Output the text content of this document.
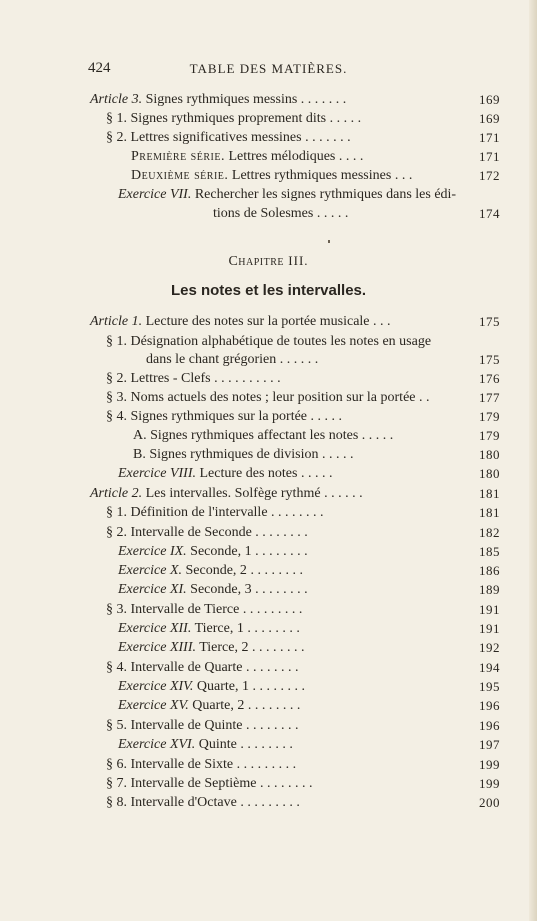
424	TABLE DES MATIÈRES.
Article 3. Signes rythmiques messins . . . . . . .	169
§ 1. Signes rythmiques proprement dits . . . . .	169
§ 2. Lettres significatives messines . . . . . . .	171
Première série. Lettres mélodiques . . . .	171
Deuxième série. Lettres rythmiques messines . . .	172
Exercice VII. Rechercher les signes rythmiques dans les édi-
tions de Solesmes . . . . .	174
Chapitre III.
Les notes et les intervalles.
Article 1. Lecture des notes sur la portée musicale . . .	175
§ 1. Désignation alphabétique de toutes les notes en usage
dans le chant grégorien . . . . . .	175
§ 2. Lettres - Clefs . . . . . . . . . .	176
§ 3. Noms actuels des notes ; leur position sur la portée . .	177
§ 4. Signes rythmiques sur la portée . . . . .	179
A. Signes rythmiques affectant les notes . . . . .	179
B. Signes rythmiques de division . . . . .	180
Exercice VIII. Lecture des notes . . . . .	180
Article 2. Les intervalles. Solfège rythmé . . . . . .	181
§ 1. Définition de l'intervalle . . . . . . . .	181
§ 2. Intervalle de Seconde . . . . . . . .	182
Exercice IX. Seconde, 1 . . . . . . . .	185
Exercice X. Seconde, 2 . . . . . . . .	186
Exercice XI. Seconde, 3 . . . . . . . .	189
§ 3. Intervalle de Tierce . . . . . . . . .	191
Exercice XII. Tierce, 1 . . . . . . . .	191
Exercice XIII. Tierce, 2 . . . . . . . .	192
§ 4. Intervalle de Quarte . . . . . . . .	194
Exercice XIV. Quarte, 1 . . . . . . . .	195
Exercice XV. Quarte, 2 . . . . . . . .	196
§ 5. Intervalle de Quinte . . . . . . . .	196
Exercice XVI. Quinte . . . . . . . .	197
§ 6. Intervalle de Sixte . . . . . . . . .	199
§ 7. Intervalle de Septième . . . . . . . .	199
§ 8. Intervalle d'Octave . . . . . . . . .	200
